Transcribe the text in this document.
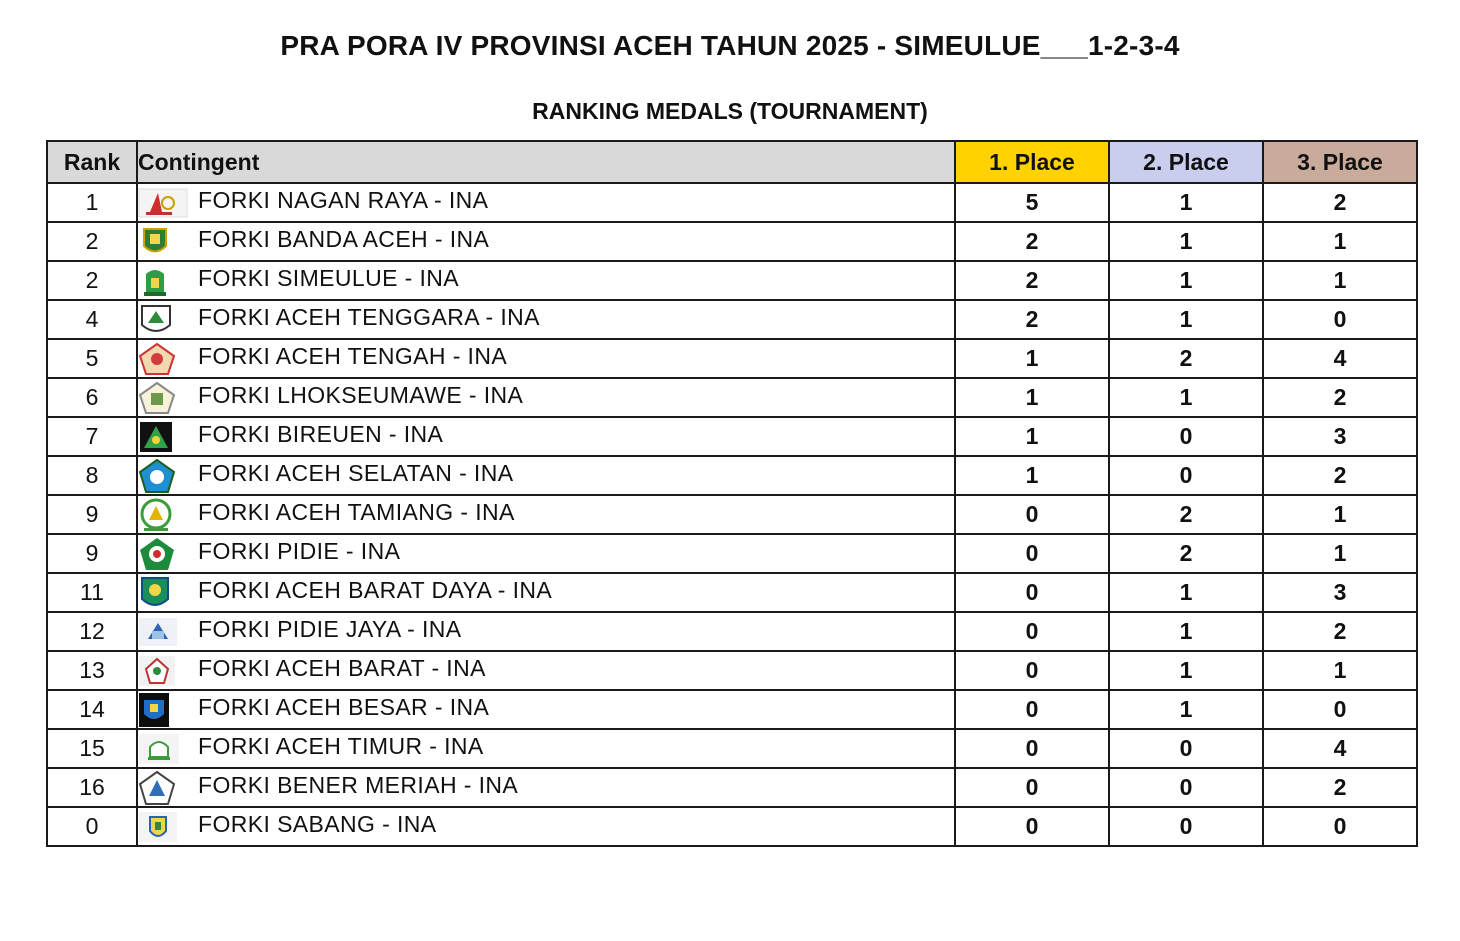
PRA PORA IV PROVINSI ACEH TAHUN 2025 - SIMEULUE___1-2-3-4
RANKING MEDALS (TOURNAMENT)
Rank	Contingent	1. Place	2. Place	3. Place
1	FORKI NAGAN RAYA - INA	5	1	2
2	FORKI BANDA ACEH - INA	2	1	1
2	FORKI SIMEULUE - INA	2	1	1
4	FORKI ACEH TENGGARA - INA	2	1	0
5	FORKI ACEH TENGAH - INA	1	2	4
6	FORKI LHOKSEUMAWE - INA	1	1	2
7	FORKI BIREUEN - INA	1	0	3
8	FORKI ACEH SELATAN - INA	1	0	2
9	FORKI ACEH TAMIANG - INA	0	2	1
9	FORKI PIDIE - INA	0	2	1
11	FORKI ACEH BARAT DAYA - INA	0	1	3
12	FORKI PIDIE JAYA - INA	0	1	2
13	FORKI ACEH BARAT - INA	0	1	1
14	FORKI ACEH BESAR - INA	0	1	0
15	FORKI ACEH TIMUR - INA	0	0	4
16	FORKI BENER MERIAH - INA	0	0	2
0	FORKI SABANG - INA	0	0	0
